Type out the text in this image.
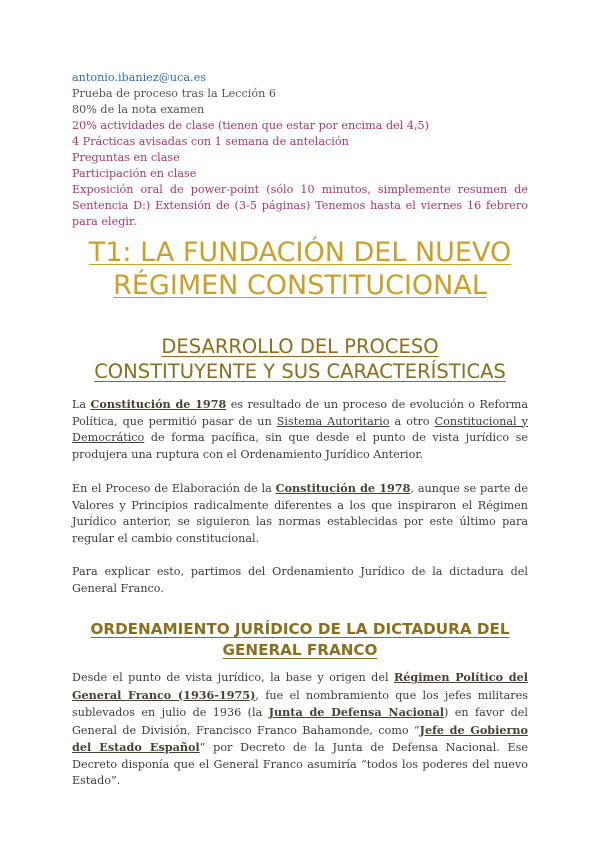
antonio.ibaniez@uca.es
Prueba de proceso tras la Lección 6
80% de la nota examen
20% actividades de clase (tienen que estar por encima del 4,5)
4 Prácticas avisadas con 1 semana de antelación
Preguntas en clase
Participación en clase
Exposición oral de power-point (sólo 10 minutos, simplemente resumen de Sentencia D:) Extensión de (3-5 páginas) Tenemos hasta el viernes 16 febrero para elegir.
T1: LA FUNDACIÓN DEL NUEVO
RÉGIMEN CONSTITUCIONAL
DESARROLLO DEL PROCESO
CONSTITUYENTE Y SUS CARACTERÍSTICAS

La Constitución de 1978 es resultado de un proceso de evolución o Reforma Política, que permitió pasar de un Sistema Autoritario a otro Constitucional y Democrático de forma pacífica, sin que desde el punto de vista jurídico se produjera una ruptura con el Ordenamiento Jurídico Anterior.

En el Proceso de Elaboración de la Constitución de 1978, aunque se parte de Valores y Principios radicalmente diferentes a los que inspiraron el Régimen Jurídico anterior, se siguieron las normas establecidas por este último para regular el cambio constitucional.

Para explicar esto, partimos del Ordenamiento Jurídico de la dictadura del General Franco.

ORDENAMIENTO JURÍDICO DE LA DICTADURA DEL
GENERAL FRANCO

Desde el punto de vista jurídico, la base y origen del Régimen Político del General Franco (1936-1975), fue el nombramiento que los jefes militares sublevados en julio de 1936 (la Junta de Defensa Nacional) en favor del General de División, Francisco Franco Bahamonde, como “Jefe de Gobierno del Estado Español” por Decreto de la Junta de Defensa Nacional. Ese Decreto disponía que el General Franco asumiría “todos los poderes del nuevo Estado”.
